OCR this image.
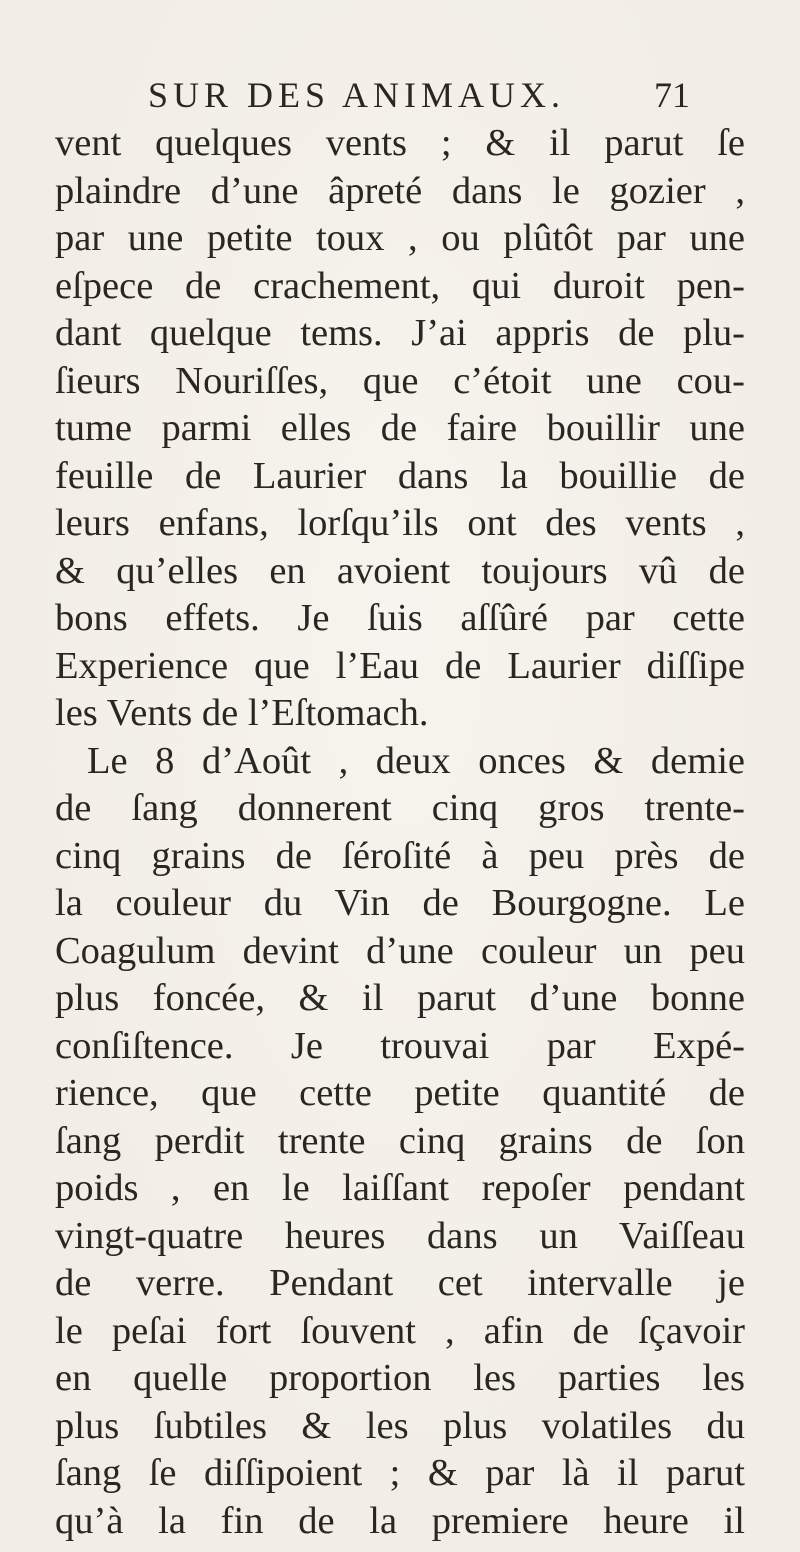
SUR DES ANIMAUX. 71
vent quelques vents ; & il parut ſe
plaindre d’une âpreté dans le gozier ,
par une petite toux , ou plûtôt par une
eſpece de crachement, qui duroit pen-
dant quelque tems. J’ai appris de plu-
ſieurs Nouriſſes, que c’étoit une cou-
tume parmi elles de faire bouillir une
feuille de Laurier dans la bouillie de
leurs enfans, lorſqu’ils ont des vents ,
& qu’elles en avoient toujours vû de
bons effets. Je ſuis aſſûré par cette
Experience que l’Eau de Laurier diſſipe
les Vents de l’Eſtomach.
Le 8 d’Août , deux onces & demie
de ſang donnerent cinq gros trente-
cinq grains de ſéroſité à peu près de
la couleur du Vin de Bourgogne. Le
Coagulum devint d’une couleur un peu
plus foncée, & il parut d’une bonne
conſiſtence. Je trouvai par Expé-
rience, que cette petite quantité de
ſang perdit trente cinq grains de ſon
poids , en le laiſſant repoſer pendant
vingt-quatre heures dans un Vaiſſeau
de verre. Pendant cet intervalle je
le peſai fort ſouvent , afin de ſçavoir
en quelle proportion les parties les
plus ſubtiles & les plus volatiles du
ſang ſe diſſipoient ; & par là il parut
qu’à la fin de la premiere heure il
